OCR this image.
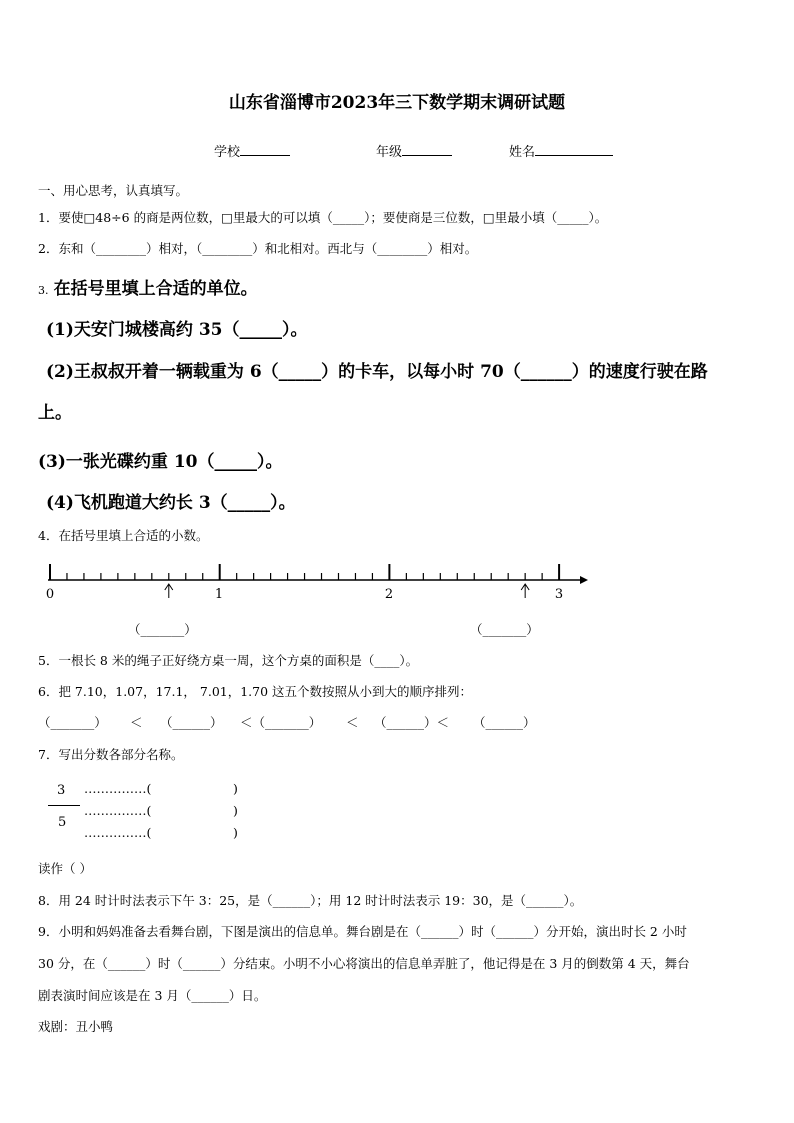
山东省淄博市2023年三下数学期末调研试题
学校	年级	姓名
一、用心思考，认真填写。
1．要使□48÷6 的商是两位数，□里最大的可以填（_____）；要使商是三位数，□里最小填（_____）。
2．东和（________）相对，（________）和北相对。西北与（________）相对。
3. 在括号里填上合适的单位。
(1)天安门城楼高约 35（_____）。
(2)王叔叔开着一辆载重为 6（_____）的卡车，以每小时 70（______）的速度行驶在路
上。
(3)一张光碟约重 10（_____）。
(4)飞机跑道大约长 3（_____）。
4．在括号里填上合适的小数。
0	1	2	3
（_______）	（_______）
5．一根长 8 米的绳子正好绕方桌一周，这个方桌的面积是（____）。
6．把 7.10，1.07，17.1， 7.01，1.70 这五个数按照从小到大的顺序排列：
（_______） ＜ （______） ＜（_______） ＜ （______）＜ （______）
7．写出分数各部分名称。
3
5
……………(	)
……………(	)
……………(	)
读作（ ）
8．用 24 时计时法表示下午 3：25，是（______）；用 12 时计时法表示 19：30，是（______）。
9．小明和妈妈准备去看舞台剧，下图是演出的信息单。舞台剧是在（______）时（______）分开始，演出时长 2 小时
30 分，在（______）时（______）分结束。小明不小心将演出的信息单弄脏了，他记得是在 3 月的倒数第 4 天，舞台
剧表演时间应该是在 3 月（______）日。
戏剧：丑小鸭
